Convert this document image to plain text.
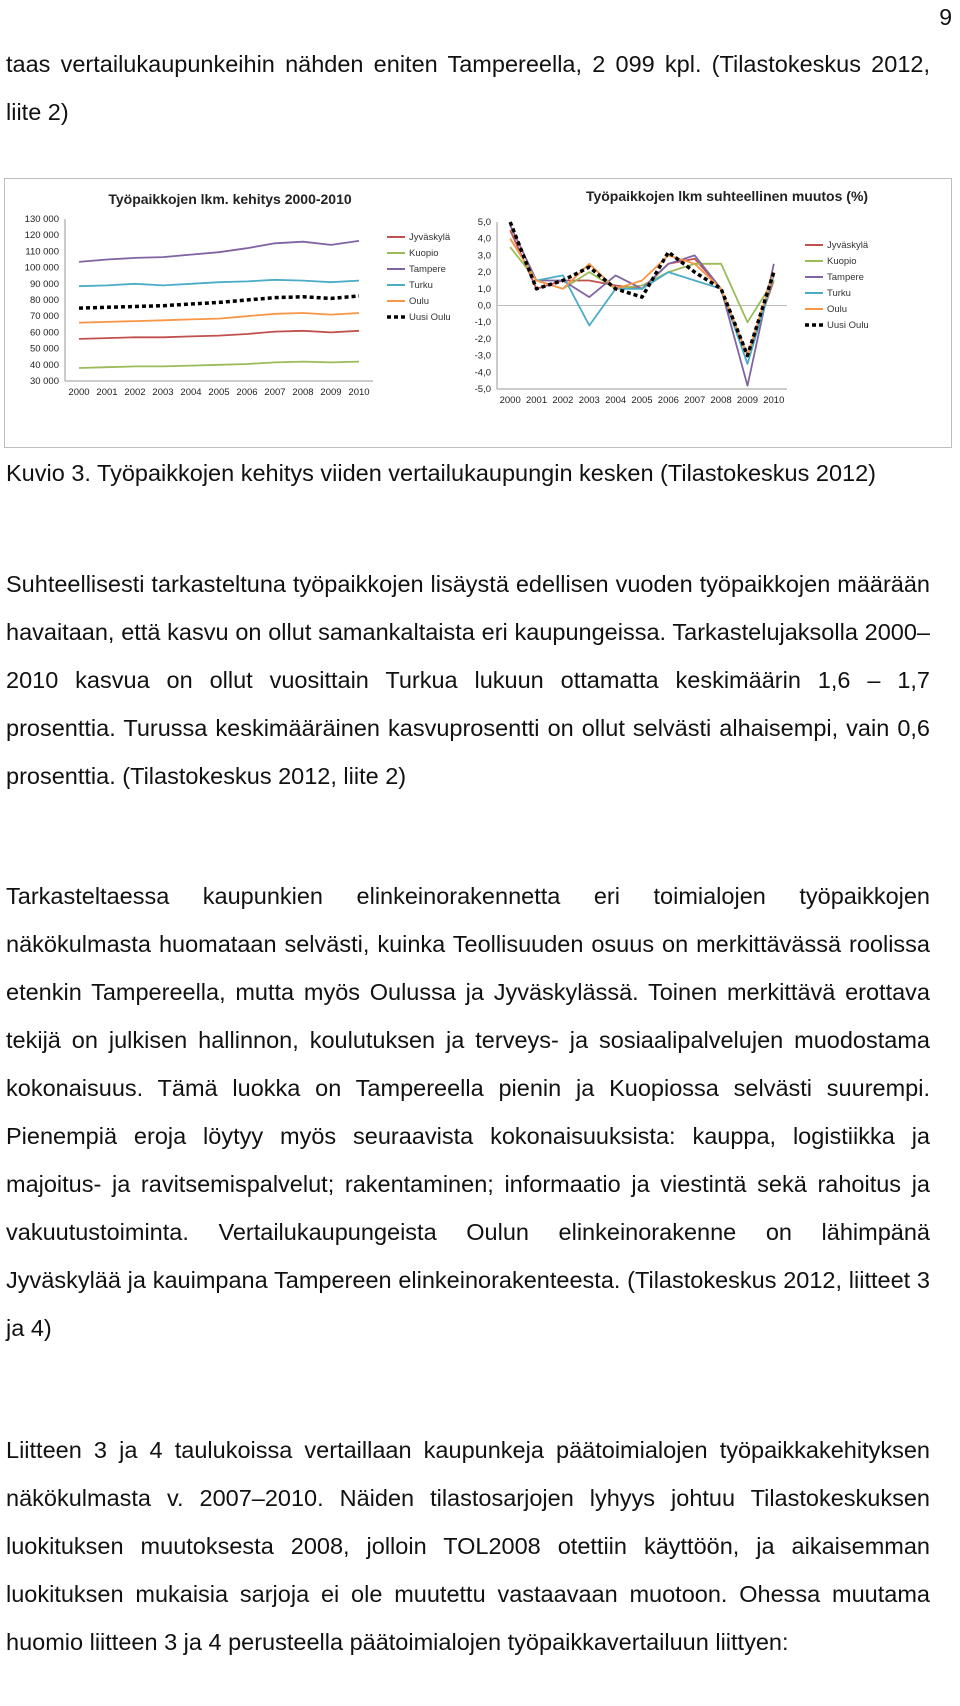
9

taas vertailukaupunkeihin nähden eniten Tampereella, 2 099 kpl. (Tilastokeskus 2012, liite 2)

Työpaikkojen lkm. kehitys 2000-2010
130 000
120 000
110 000
100 000
90 000
80 000
70 000
60 000
50 000
40 000
30 000
2000 2001 2002 2003 2004 2005 2006 2007 2008 2009 2010
Jyväskylä
Kuopio
Tampere
Turku
Oulu
Uusi Oulu
Työpaikkojen lkm suhteellinen muutos (%)
5,0
4,0
3,0
2,0
1,0
0,0
-1,0
-2,0
-3,0
-4,0
-5,0
2000 2001 2002 2003 2004 2005 2006 2007 2008 2009 2010
Jyväskylä
Kuopio
Tampere
Turku
Oulu
Uusi Oulu
Kuvio 3. Työpaikkojen kehitys viiden vertailukaupungin kesken (Tilastokeskus 2012)

Suhteellisesti tarkasteltuna työpaikkojen lisäystä edellisen vuoden työpaikkojen määrään havaitaan, että kasvu on ollut samankaltaista eri kaupungeissa. Tarkastelujaksolla 2000–2010 kasvua on ollut vuosittain Turkua lukuun ottamatta keskimäärin 1,6 – 1,7 prosenttia. Turussa keskimääräinen kasvuprosentti on ollut selvästi alhaisempi, vain 0,6 prosenttia. (Tilastokeskus 2012, liite 2)

Tarkasteltaessa kaupunkien elinkeinorakennetta eri toimialojen työpaikkojen näkökulmasta huomataan selvästi, kuinka Teollisuuden osuus on merkittävässä roolissa etenkin Tampereella, mutta myös Oulussa ja Jyväskylässä. Toinen merkittävä erottava tekijä on julkisen hallinnon, koulutuksen ja terveys- ja sosiaalipalvelujen muodostama kokonaisuus. Tämä luokka on Tampereella pienin ja Kuopiossa selvästi suurempi. Pienempiä eroja löytyy myös seuraavista kokonaisuuksista: kauppa, logistiikka ja majoitus- ja ravitsemispalvelut; rakentaminen; informaatio ja viestintä sekä rahoitus ja vakuutustoiminta. Vertailukaupungeista Oulun elinkeinorakenne on lähimpänä Jyväskylää ja kauimpana Tampereen elinkeinorakenteesta. (Tilastokeskus 2012, liitteet 3 ja 4)

Liitteen 3 ja 4 taulukoissa vertaillaan kaupunkeja päätoimialojen työpaikkakehityksen näkökulmasta v. 2007–2010. Näiden tilastosarjojen lyhyys johtuu Tilastokeskuksen luokituksen muutoksesta 2008, jolloin TOL2008 otettiin käyttöön, ja aikaisemman luokituksen mukaisia sarjoja ei ole muutettu vastaavaan muotoon. Ohessa muutama huomio liitteen 3 ja 4 perusteella päätoimialojen työpaikkavertailuun liittyen:
